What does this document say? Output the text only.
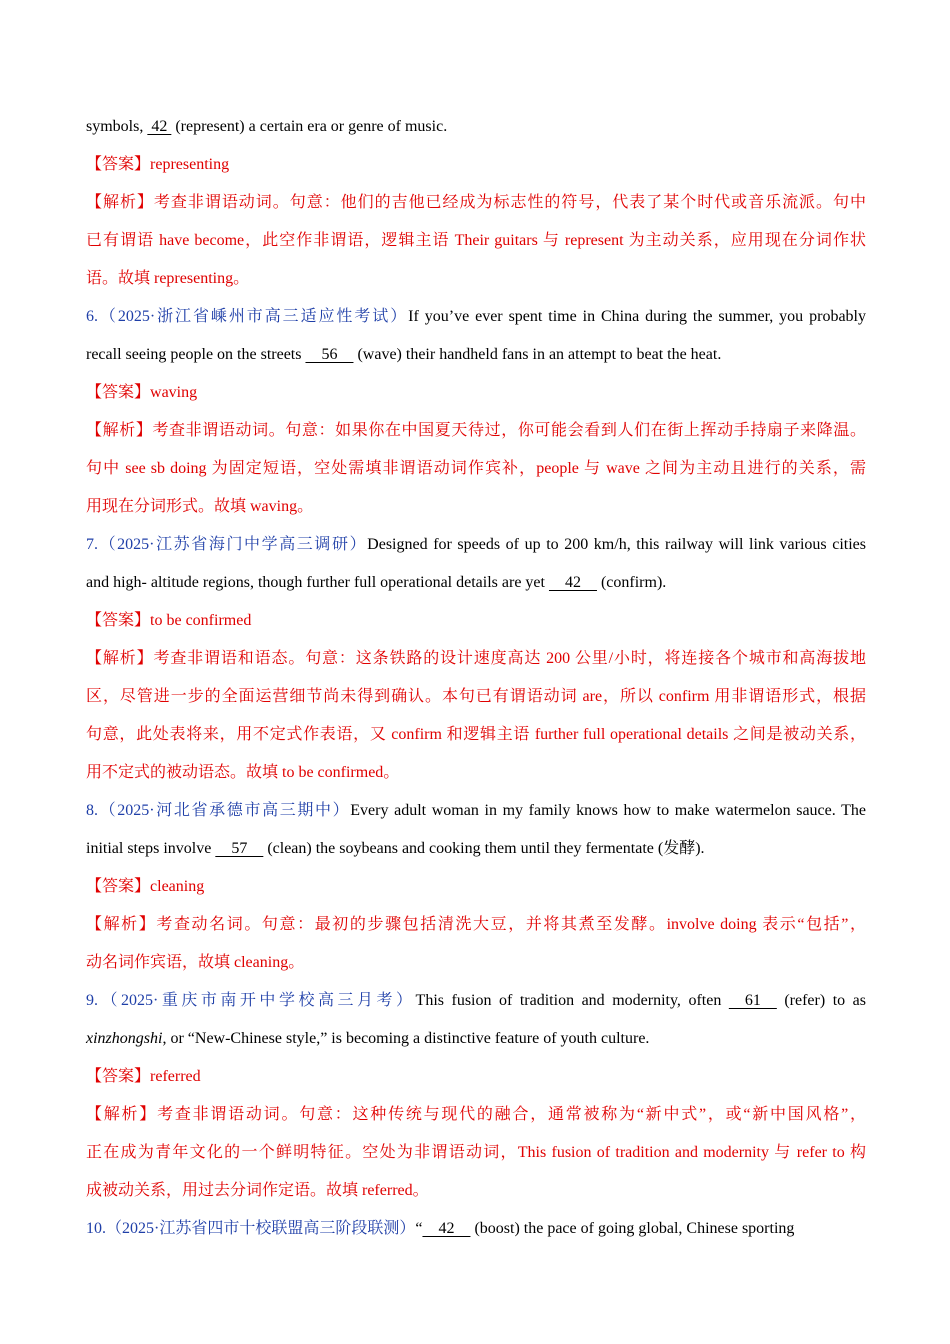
symbols,  42  (represent) a certain era or genre of music.
【答案】representing
【解析】考查非谓语动词。句意：他们的吉他已经成为标志性的符号，代表了某个时代或音乐流派。句中
已有谓语 have become，此空作非谓语，逻辑主语 Their guitars 与 represent 为主动关系，应用现在分词作状
语。故填 representing。
6.（2025·浙江省嵊州市高三适应性考试）If you’ve ever spent time in China during the summer, you probably
recall seeing people on the streets     56     (wave) their handheld fans in an attempt to beat the heat.
【答案】waving
【解析】考查非谓语动词。句意：如果你在中国夏天待过，你可能会看到人们在街上挥动手持扇子来降温。
句中 see sb doing 为固定短语，空处需填非谓语动词作宾补，people 与 wave 之间为主动且进行的关系，需
用现在分词形式。故填 waving。
7.（2025·江苏省海门中学高三调研）Designed for speeds of up to 200 km/h, this railway will link various cities
and high- altitude regions, though further full operational details are yet     42     (confirm).
【答案】to be confirmed
【解析】考查非谓语和语态。句意：这条铁路的设计速度高达 200 公里/小时，将连接各个城市和高海拔地
区，尽管进一步的全面运营细节尚未得到确认。本句已有谓语动词 are，所以 confirm 用非谓语形式，根据
句意，此处表将来，用不定式作表语，又 confirm 和逻辑主语 further full operational details 之间是被动关系，
用不定式的被动语态。故填 to be confirmed。
8.（2025·河北省承德市高三期中）Every adult woman in my family knows how to make watermelon sauce. The
initial steps involve     57     (clean) the soybeans and cooking them until they fermentate (发酵).
【答案】cleaning
【解析】考查动名词。句意：最初的步骤包括清洗大豆，并将其煮至发酵。involve doing 表示“包括”，
动名词作宾语，故填 cleaning。
9.（2025·重庆市南开中学校高三月考）This fusion of tradition and modernity, often     61     (refer) to as
xinzhongshi, or “New-Chinese style,” is becoming a distinctive feature of youth culture.
【答案】referred
【解析】考查非谓语动词。句意：这种传统与现代的融合，通常被称为“新中式”，或“新中国风格”，
正在成为青年文化的一个鲜明特征。空处为非谓语动词，This fusion of tradition and modernity 与 refer to 构
成被动关系，用过去分词作定语。故填 referred。
10.（2025·江苏省四市十校联盟高三阶段联测）“    42     (boost) the pace of going global, Chinese sporting
